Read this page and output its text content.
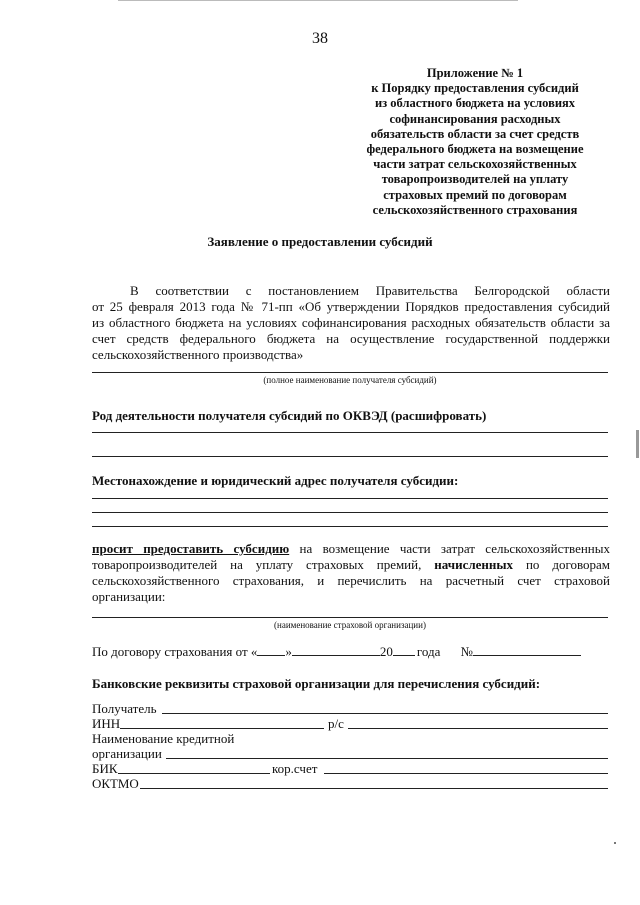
38
Приложение № 1
к Порядку предоставления субсидий
из областного бюджета на условиях
софинансирования расходных
обязательств области за счет средств
федерального бюджета на возмещение
части затрат сельскохозяйственных
товаропроизводителей на уплату
страховых премий по договорам
сельскохозяйственного страхования
Заявление о предоставлении субсидий
В соответствии с постановлением Правительства Белгородской области
от 25 февраля 2013 года № 71-пп «Об утверждении Порядков предоставления субсидий
из областного бюджета на условиях софинансирования расходных обязательств области за
счет средств федерального бюджета на осуществление государственной поддержки
сельскохозяйственного производства»
(полное наименование получателя субсидий)
Род деятельности получателя субсидий по ОКВЭД (расшифровать)
Местонахождение и юридический адрес получателя субсидии:
просит предоставить субсидию на возмещение части затрат сельскохозяйственных
товаропроизводителей на уплату страховых премий, начисленных по договорам
сельскохозяйственного страхования, и перечислить на расчетный счет страховой
организации:
(наименование страховой организации)
По договору страхования от « »	20 года №
Банковские реквизиты страховой организации для перечисления субсидий:
Получатель
ИНН	р/с
Наименование кредитной
организации
БИК	кор.счет
ОКТМО
